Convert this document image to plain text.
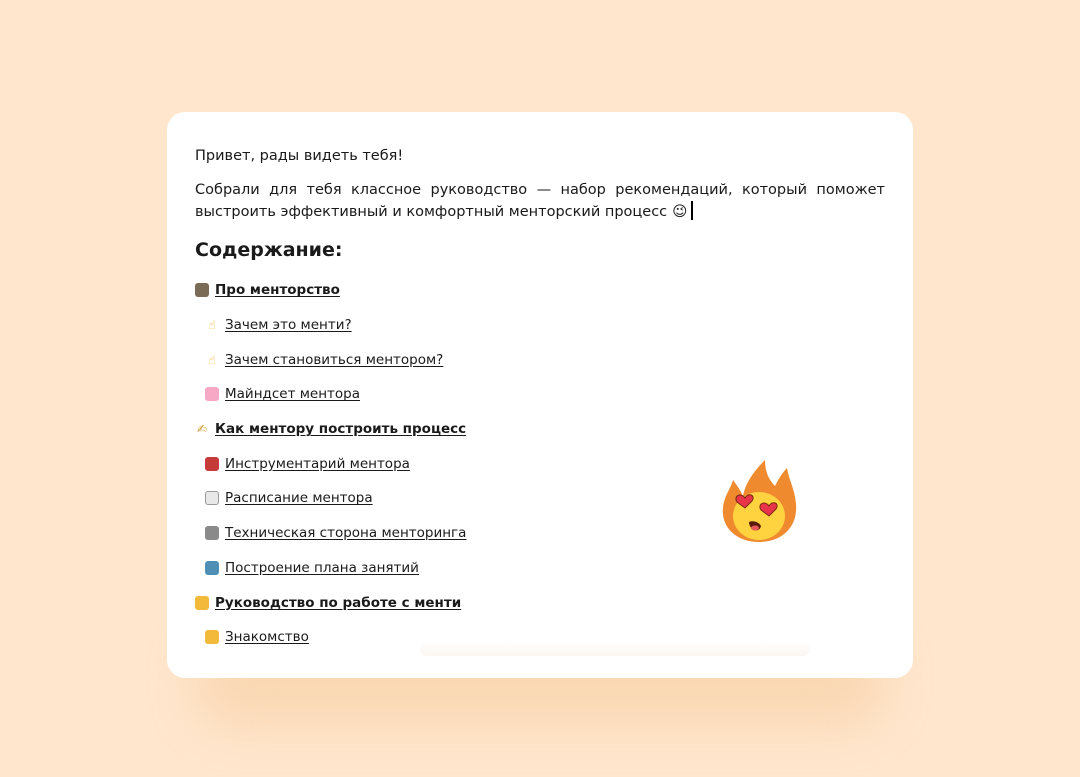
Привет, рады видеть тебя!

Собрали для тебя классное руководство — набор рекомендаций, который поможет выстроить эффективный и комфортный менторский процесс 😉

Содержание:
Про менторство
☝ Зачем это менти?
☝ Зачем становиться ментором?
Майндсет ментора
✍ Как ментору построить процесс
Инструментарий ментора
Расписание ментора
Техническая сторона менторинга
Построение плана занятий
Руководство по работе с менти
Знакомство
